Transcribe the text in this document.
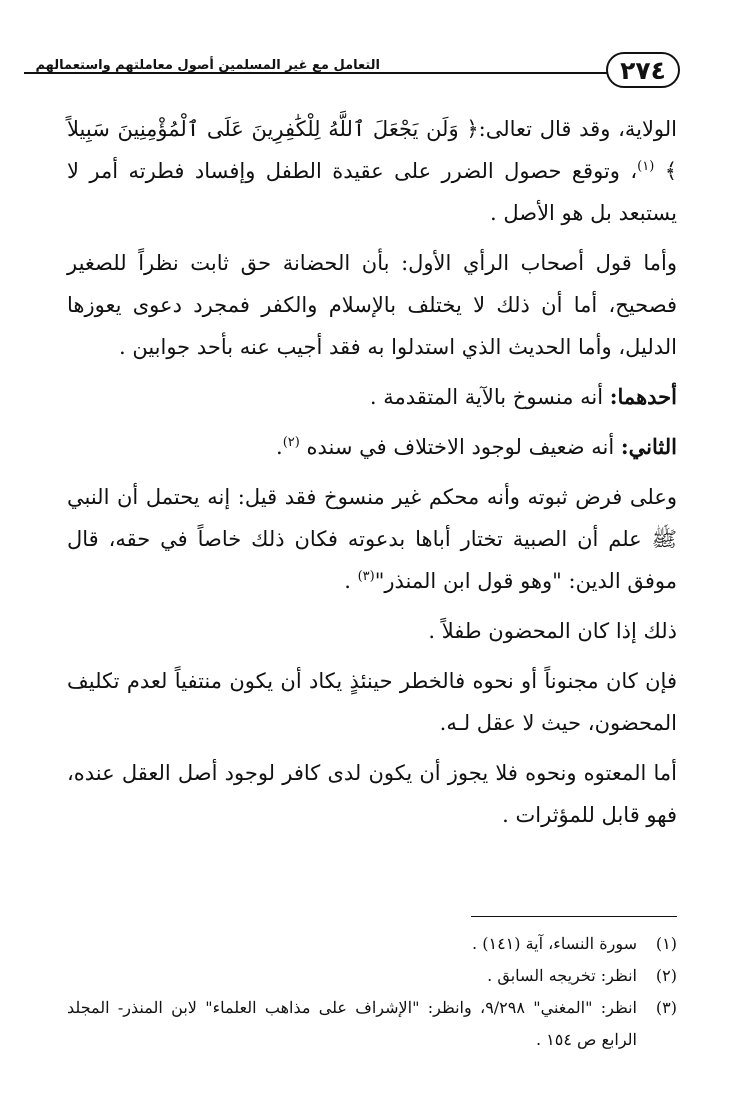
التعامل مع غير المسلمين أصول معاملتهم واستعمالهم	٢٧٤

الولاية، وقد قال تعالى:﴿ وَلَن يَجْعَلَ ٱللَّهُ لِلْكَٰفِرِينَ عَلَى ٱلْمُؤْمِنِينَ سَبِيلاً ﴾ $^{(١)}$، وتوقع حصول الضرر على عقيدة الطفل وإفساد فطرته أمر لا يستبعد بل هو الأصل .

وأما قول أصحاب الرأي الأول: بأن الحضانة حق ثابت نظراً للصغير فصحيح، أما أن ذلك لا يختلف بالإسلام والكفر فمجرد دعوى يعوزها الدليل، وأما الحديث الذي استدلوا به فقد أجيب عنه بأحد جوابين .

أحدهما: أنه منسوخ بالآية المتقدمة .

الثاني: أنه ضعيف لوجود الاختلاف في سنده $^{(٢)}$.

وعلى فرض ثبوته وأنه محكم غير منسوخ فقد قيل: إنه يحتمل أن النبي ﷺ علم أن الصبية تختار أباها بدعوته فكان ذلك خاصاً في حقه، قال موفق الدين: "وهو قول ابن المنذر"$^{(٣)}$ .

ذلك إذا كان المحضون طفلاً .

فإن كان مجنوناً أو نحوه فالخطر حينئذٍ يكاد أن يكون منتفياً لعدم تكليف المحضون، حيث لا عقل لـه.

أما المعتوه ونحوه فلا يجوز أن يكون لدى كافر لوجود أصل العقل عنده، فهو قابل للمؤثرات .

(١)
سورة النساء، آية (١٤١) .
(٢)
انظر: تخريجه السابق .
(٣)
انظر: "المغني" ٩/٢٩٨، وانظر: "الإشراف على مذاهب العلماء" لابن المنذر- المجلد الرابع ص ١٥٤ .
